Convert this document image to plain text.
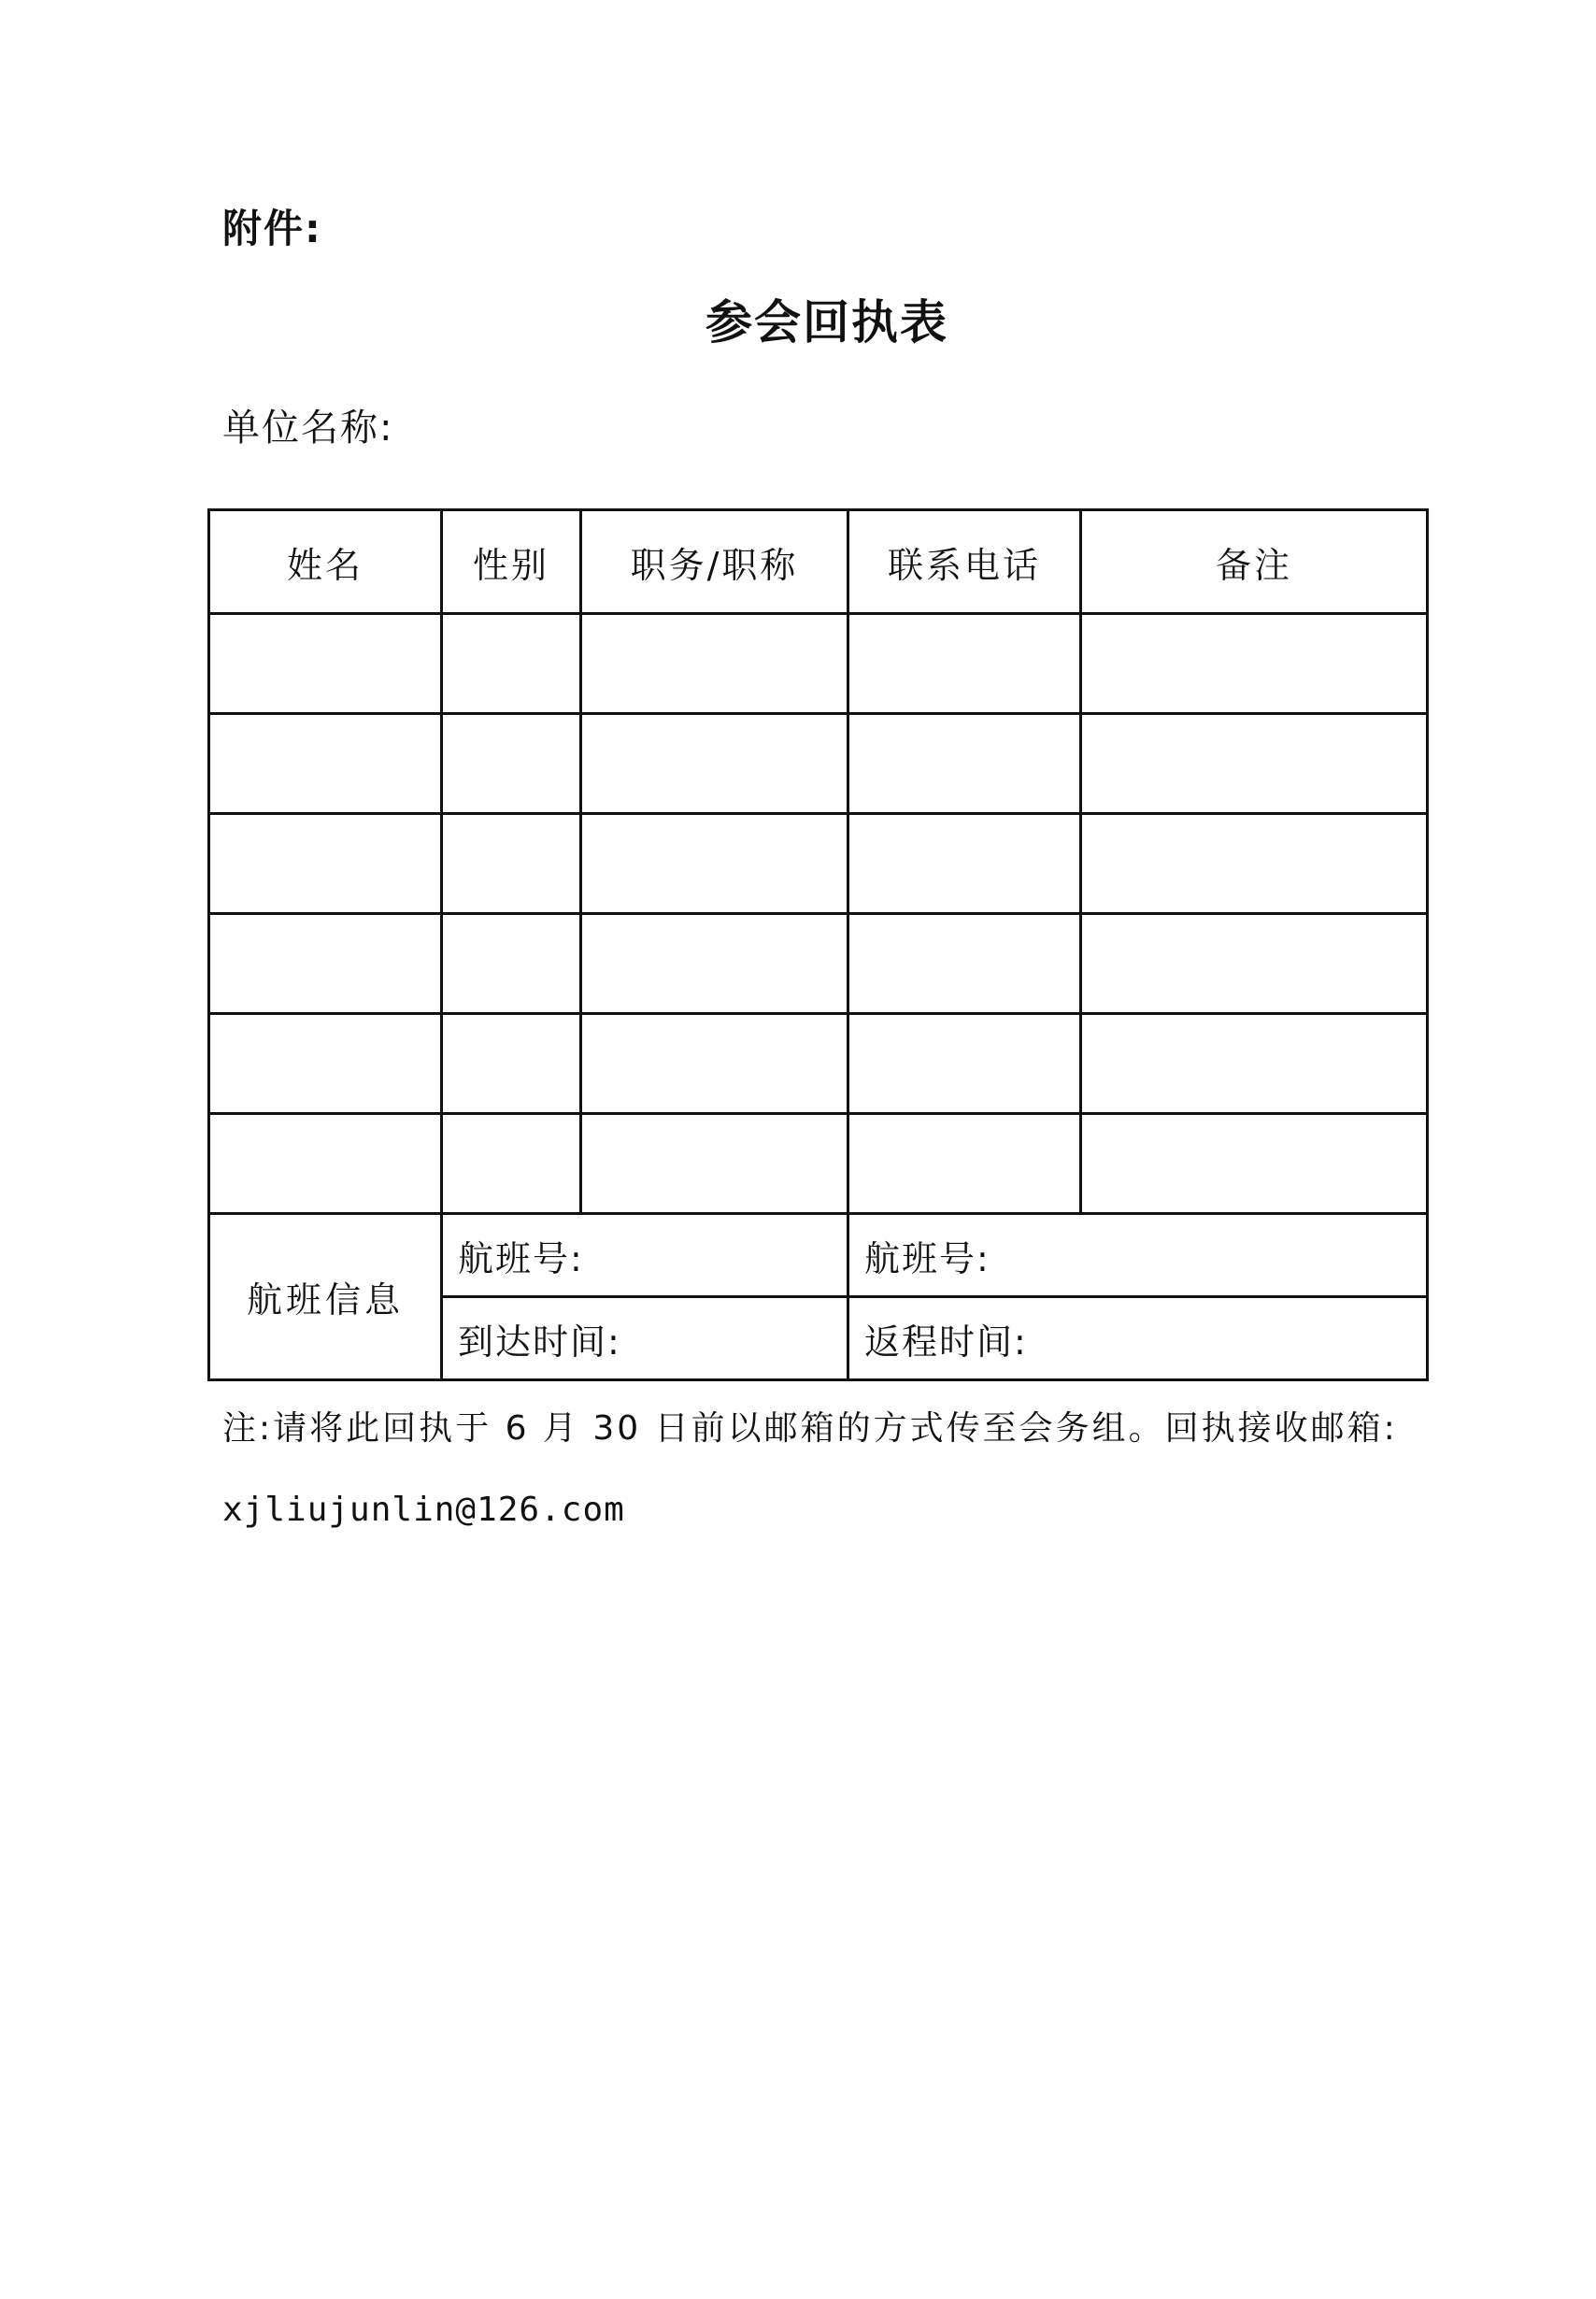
附件:
参会回执表
单位名称:
姓名	性别	职务/职称	联系电话	备注

航班信息	航班号:		航班号:	
	到达时间:		返程时间:	
注:请将此回执于 6 月 30 日前以邮箱的方式传至会务组。回执接收邮箱:
xjliujunlin@126.com
